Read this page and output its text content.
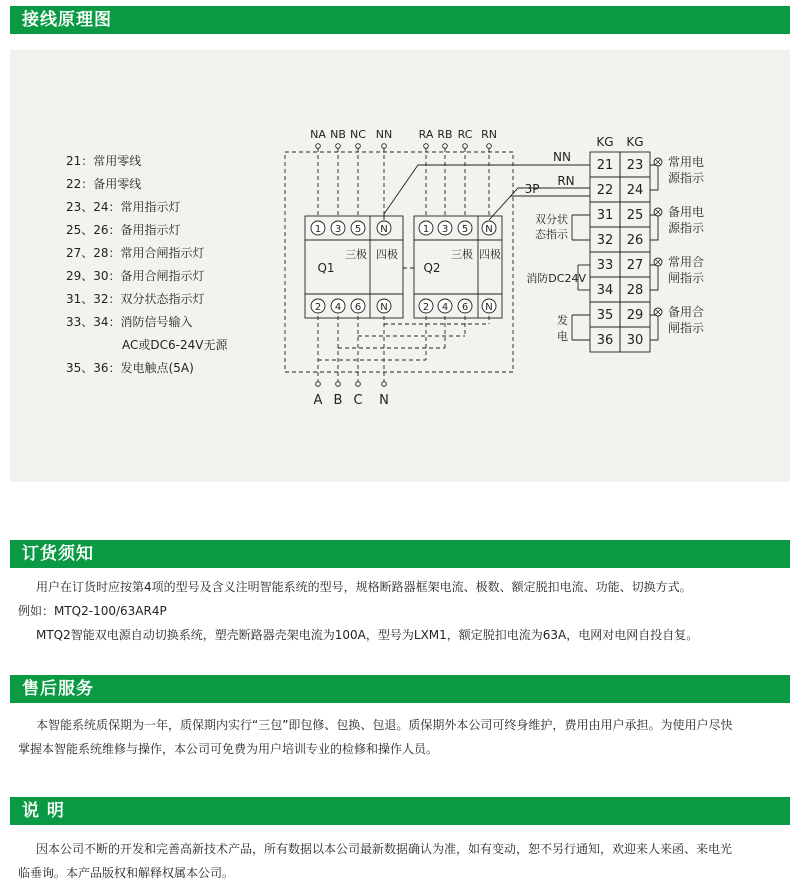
接线原理图
21：常用零线
22：备用零线
23、24：常用指示灯
25、26：备用指示灯
27、28：常用合闸指示灯
29、30：备用合闸指示灯
31、32：双分状态指示灯
33、34：消防信号输入
AC或DC6-24V无源
35、36：发电触点(5A)
1 3 5 N
2 4 6 N
1 3 5 N
2 4 6 N
NA NB NC NN RA RB RC RN
A B C N
Q1
三极 四极
Q2
三极 四极
NN
RN
3P
KG KG
21
22
31
32
33
34
35
36
23
24
25
26
27
28
29
30
双分状
态指示
消防DC24V
发
电
常用电
源指示
备用电
源指示
常用合
闸指示
备用合
闸指示
订货须知
用户在订货时应按第4项的型号及含义注明智能系统的型号，规格断路器框架电流、极数、额定脱扣电流、功能、切换方式。
例如：MTQ2-100/63AR4P
MTQ2智能双电源自动切换系统，塑壳断路器壳架电流为100A，型号为LXM1，额定脱扣电流为63A，电网对电网自投自复。
售后服务
本智能系统质保期为一年，质保期内实行“三包”即包修、包换、包退。质保期外本公司可终身维护，费用由用户承担。为使用户尽快
掌握本智能系统维修与操作，本公司可免费为用户培训专业的检修和操作人员。
说 明
因本公司不断的开发和完善高新技术产品，所有数据以本公司最新数据确认为准，如有变动，恕不另行通知，欢迎来人来函、来电光
临垂询。本产品版权和解释权属本公司。
